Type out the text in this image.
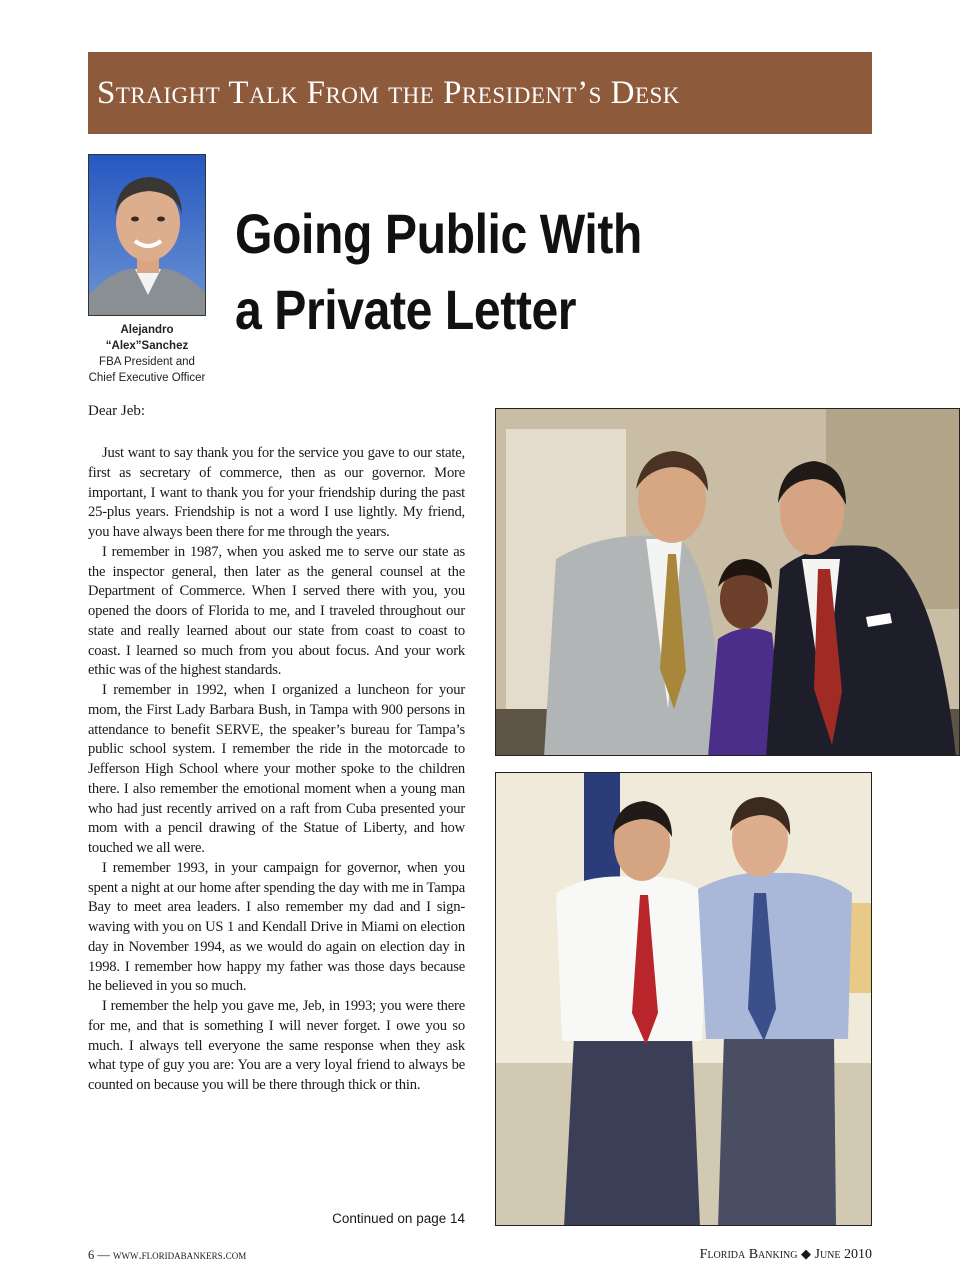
Straight Talk From the President’s Desk
Alejandro
“Alex”Sanchez
FBA President and
Chief Executive Officer
Going Public With
a Private Letter
Dear Jeb:

Just want to say thank you for the service you gave to our state, first as secretary of commerce, then as our governor. More important, I want to thank you for your friendship during the past 25-plus years. Friendship is not a word I use lightly. My friend, you have always been there for me through the years.

I remember in 1987, when you asked me to serve our state as the inspector general, then later as the general counsel at the Department of Commerce. When I served there with you, you opened the doors of Florida to me, and I traveled throughout our state and really learned about our state from coast to coast to coast. I learned so much from you about focus. And your work ethic was of the highest standards.

I remember in 1992, when I organized a luncheon for your mom, the First Lady Barbara Bush, in Tampa with 900 persons in attendance to benefit SERVE, the speaker’s bureau for Tampa’s public school system. I remember the ride in the motorcade to Jefferson High School where your mother spoke to the children there. I also remember the emotional moment when a young man who had just recently arrived on a raft from Cuba presented your mom with a pencil drawing of the Statue of Liberty, and how touched we all were.

I remember 1993, in your campaign for governor, when you spent a night at our home after spending the day with me in Tampa Bay to meet area leaders. I also remember my dad and I sign-waving with you on US 1 and Kendall Drive in Miami on election day in November 1994, as we would do again on election day in 1998. I remember how happy my father was those days because he believed in you so much.

I remember the help you gave me, Jeb, in 1993; you were there for me, and that is something I will never forget. I owe you so much. I always tell everyone the same response when they ask what type of guy you are: You are a very loyal friend to always be counted on because you will be there through thick or thin.

Continued on page 14
6 — www.floridabankers.com	Florida Banking ◆ June 2010
